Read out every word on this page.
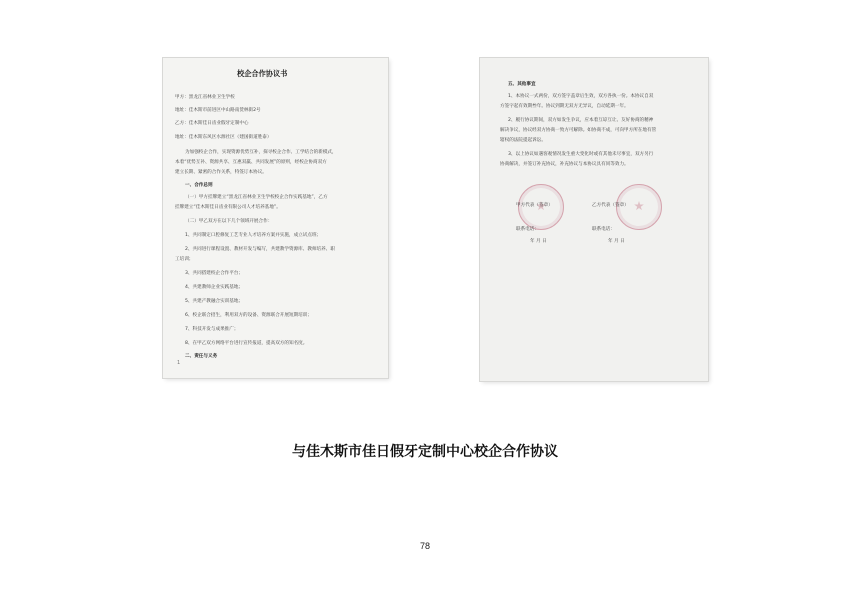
校企合作协议书
甲方：黑龙江省林业卫生学校
地址：佳木斯市前进区中山路南货林街2号
乙方：佳木斯佳日齿业假牙定制中心
地址：佳木斯东风区水源社区（建国街道胜泰）
为加强校企合作，实现资源优势互补，探寻校企合作、工学结合的新模式，
本着“优势互补、资源共享、互惠双赢、共同发展”的原则，经校企协商双方
建立长期、紧密的合作关系，特签订本协议。
一、合作总则
（一）甲方挂牌建立“黑龙江省林业卫生学校校企合作实践基地”，乙方
挂牌建立“佳木斯佳日齿业有限公司人才培养基地”。
（二）甲乙双方在以下几个领域开展合作：
1、共同制定口腔修复工艺专业人才培养方案并实施，成立试点班；
2、共同进行课程设置、教材开发与编写，共建教学资源库、教师培养、职
工培训；
3、共同搭建校企合作平台；
4、共建教师企业实践基地；
5、共建产教融合实训基地；
6、校企联合招生，利用双方的设备、资源联合开展短期培训；
7、科技开发与成果推广；
8、在甲乙双方网络平台进行宣传报道，提高双方的知名度。
二、责任与义务
1
五、其他事宜
1、本协议一式两份，双方签字盖章后生效，双方各执一份。本协议自双
方签字起有效期叁年。协议到期无双方无异议，自动延期一年。
2、履行协议期间，双方如发生争议，应本着互谅互让、友好协商的精神
解决争议，协议经双方协商一致方可解除。如协商不成，可向甲方所在地有管
辖权的法院提起诉讼。
3、以上协议如遇客观情况发生重大变化时或有其他未尽事宜，双方另行
协商解决，并签订补充协议，补充协议与本协议具有同等效力。
甲方代表（签章）	乙方代表（签章）
联系电话：	联系电话：
年 月 日	年 月 日
与佳木斯市佳日假牙定制中心校企合作协议
78
